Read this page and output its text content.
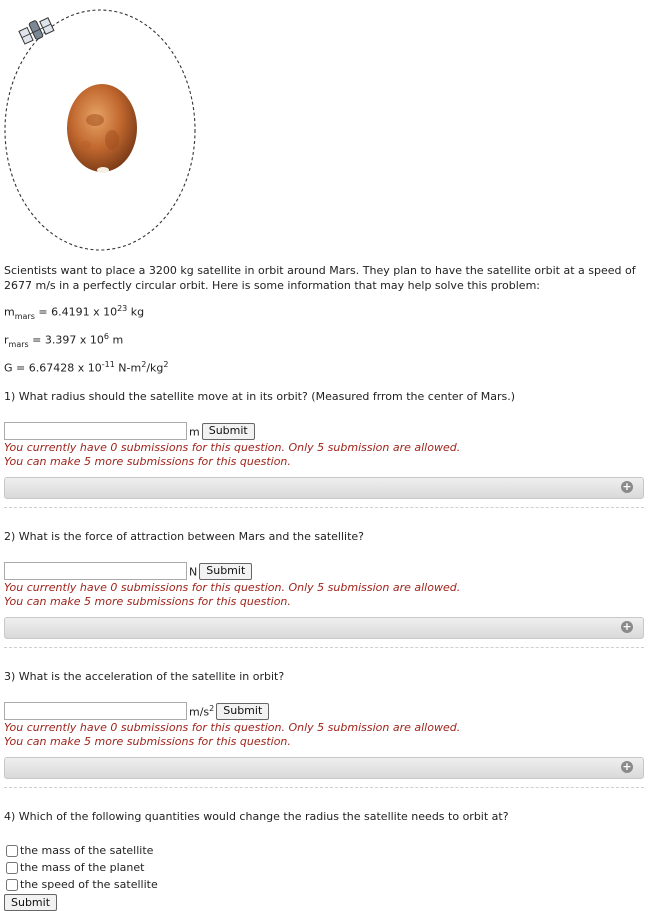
Scientists want to place a 3200 kg satellite in orbit around Mars. They plan to have the satellite orbit at a speed of 2677 m/s in a perfectly circular orbit. Here is some information that may help solve this problem:
$m_{mars} = 6.4191$ x $10^{23}$ kg
$r_{mars} = 3.397$ x $10^6$ m
G = 6.67428 x $10^{-11}$ $N-m^2/kg^2$
1) What radius should the satellite move at in its orbit? (Measured frrom the center of Mars.)
m Submit
You currently have 0 submissions for this question. Only 5 submission are allowed.
You can make 5 more submissions for this question.
+
2) What is the force of attraction between Mars and the satellite?
N Submit
You currently have 0 submissions for this question. Only 5 submission are allowed.
You can make 5 more submissions for this question.
+
3) What is the acceleration of the satellite in orbit?
$m/s^2$ Submit
You currently have 0 submissions for this question. Only 5 submission are allowed.
You can make 5 more submissions for this question.
+
4) Which of the following quantities would change the radius the satellite needs to orbit at?
the mass of the satellite
the mass of the planet
the speed of the satellite
Submit
